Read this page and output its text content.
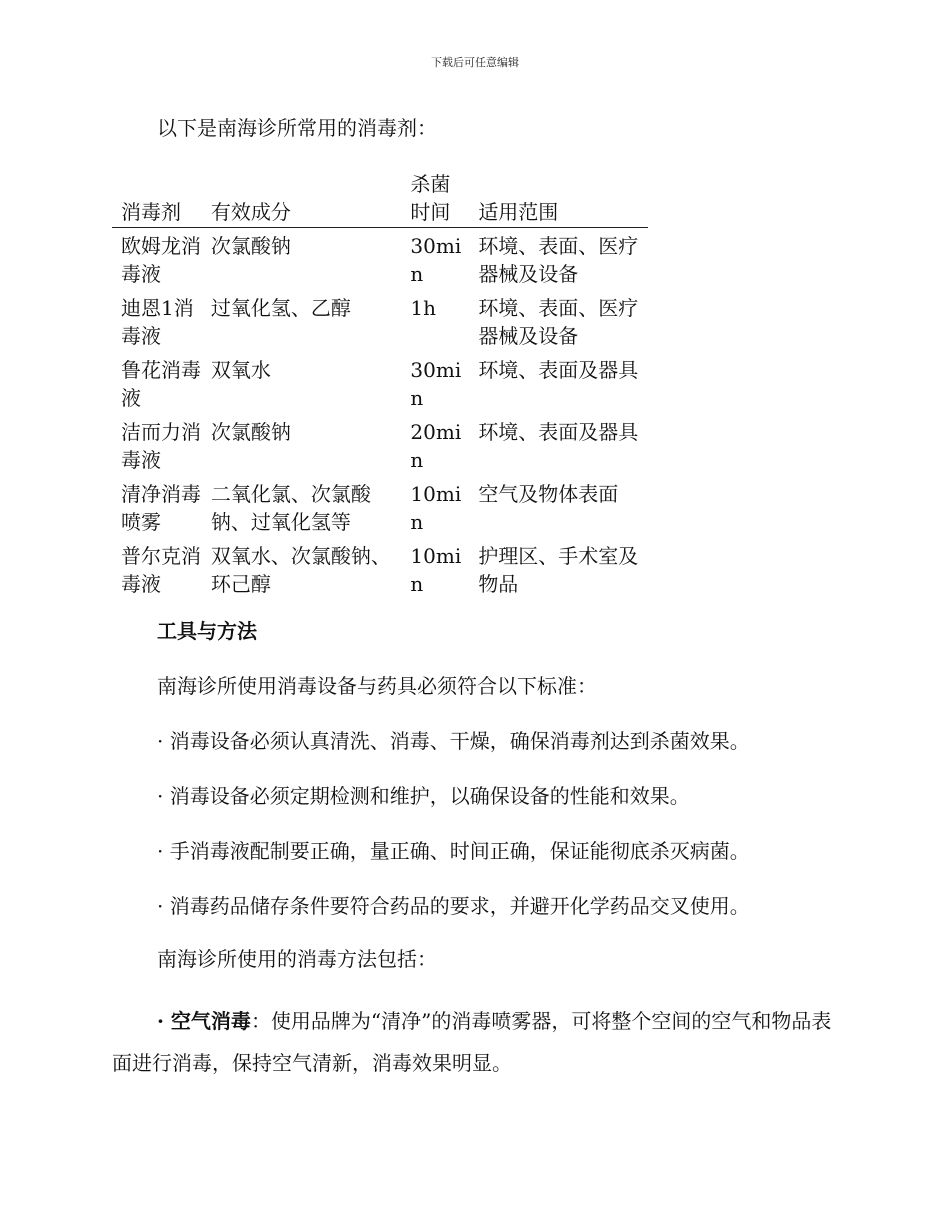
下载后可任意编辑
以下是南海诊所常用的消毒剂：
消毒剂	有效成分	杀菌时间	适用范围
欧姆龙消毒液	次氯酸钠	30min	环境、表面、医疗器械及设备
迪恩1消毒液	过氧化氢、乙醇	1h	环境、表面、医疗器械及设备
鲁花消毒液	双氧水	30min	环境、表面及器具
洁而力消毒液	次氯酸钠	20min	环境、表面及器具
清净消毒喷雾	二氧化氯、次氯酸钠、过氧化氢等	10min	空气及物体表面
普尔克消毒液	双氧水、次氯酸钠、环己醇	10min	护理区、手术室及物品
工具与方法
南海诊所使用消毒设备与药具必须符合以下标准：
· 消毒设备必须认真清洗、消毒、干燥，确保消毒剂达到杀菌效果。
· 消毒设备必须定期检测和维护，以确保设备的性能和效果。
· 手消毒液配制要正确，量正确、时间正确，保证能彻底杀灭病菌。
· 消毒药品储存条件要符合药品的要求，并避开化学药品交叉使用。
南海诊所使用的消毒方法包括：

· 空气消毒：使用品牌为“清净”的消毒喷雾器，可将整个空间的空气和物品表面进行消毒，保持空气清新，消毒效果明显。
